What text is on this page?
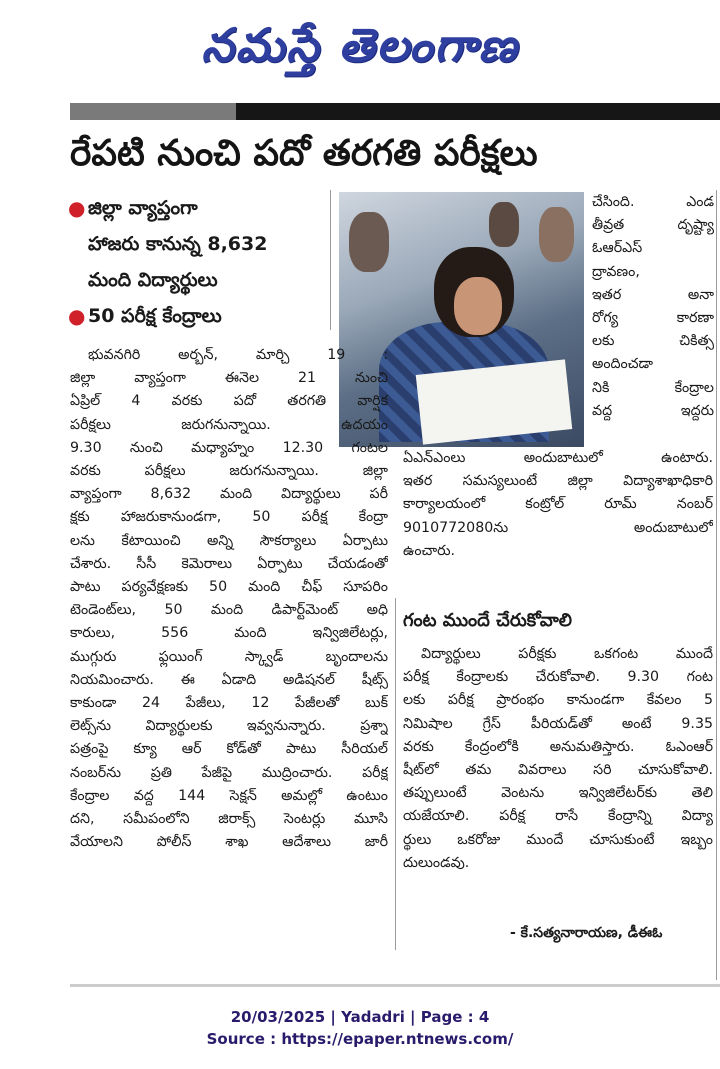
నమస్తే తెలంగాణ
రేపటి నుంచి పదో తరగతి పరీక్షలు
● జిల్లా వ్యాప్తంగా
హాజరు కానున్న 8,632
మంది విద్యార్థులు
● 50 పరీక్ష కేంద్రాలు
చేసింది. ఎండ
తీవ్రత దృష్ట్యా
ఓఆర్ఎస్
ద్రావణం,
ఇతర అనా
రోగ్య కారణా
లకు చికిత్స
అందించడా
నికి కేంద్రాల
వద్ద ఇద్దరు
ఏఎన్ఎంలు అందుబాటులో ఉంటారు.
ఇతర సమస్యలుంటే జిల్లా విద్యాశాఖాధికారి
కార్యాలయంలో కంట్రోల్ రూమ్ నంబర్
9010772080ను అందుబాటులో
ఉంచారు.
గంట ముందే చేరుకోవాలి
విద్యార్థులు పరీక్షకు ఒకగంట ముందే
పరీక్ష కేంద్రాలకు చేరుకోవాలి. 9.30 గంట
లకు పరీక్ష ప్రారంభం కానుండగా కేవలం 5
నిమిషాల గ్రేస్ పీరియడ్‌తో అంటే 9.35
వరకు కేంద్రంలోకి అనుమతిస్తారు. ఓఎంఆర్
షీట్‌లో తమ వివరాలు సరి చూసుకోవాలి.
తప్పులుంటే వెంటను ఇన్విజిలేటర్‌కు తెలి
యజేయాలి. పరీక్ష రాసే కేంద్రాన్ని విద్యా
ర్థులు ఒకరోజు ముందే చూసుకుంటే ఇబ్బం
దులుండవు.
- కే.సత్యనారాయణ, డీఈఓ
భువనగిరి అర్బన్, మార్చి 19 :
జిల్లా వ్యాప్తంగా ఈనెల 21 నుంచి
ఏప్రిల్ 4 వరకు పదో తరగతి వార్షిక
పరీక్షలు జరుగనున్నాయి. ఉదయం
9.30 నుంచి మధ్యాహ్నం 12.30 గంటల
వరకు పరీక్షలు జరుగనున్నాయి. జిల్లా
వ్యాప్తంగా 8,632 మంది విద్యార్థులు పరీ
క్షకు హాజరుకానుండగా, 50 పరీక్ష కేంద్రా
లను కేటాయించి అన్ని సౌకర్యాలు ఏర్పాటు
చేశారు. సీసీ కెమెరాలు ఏర్పాటు చేయడంతో
పాటు పర్యవేక్షణకు 50 మంది చీఫ్ సూపరిం
టెండెంట్‌లు, 50 మంది డిపార్ట్‌మెంట్ అధి
కారులు, 556 మంది ఇన్విజిలేటర్లు,
ముగ్గురు ఫ్లయింగ్ స్క్వాడ్ బృందాలను
నియమించారు. ఈ ఏడాది అడిషనల్ షీట్స్
కాకుండా 24 పేజీలు, 12 పేజీలతో బుక్
లెట్స్‌ను విద్యార్థులకు ఇవ్వనున్నారు. ప్రశ్నా
పత్రంపై క్యూ ఆర్ కోడ్‌తో పాటు సీరియల్
నంబర్‌ను ప్రతి పేజీపై ముద్రించారు. పరీక్ష
కేంద్రాల వద్ద 144 సెక్షన్ అమల్లో ఉంటుం
దని, సమీపంలోని జిరాక్స్ సెంటర్లు మూసి
వేయాలని పోలీస్ శాఖ ఆదేశాలు జారీ
20/03/2025 | Yadadri | Page : 4
Source : https://epaper.ntnews.com/
